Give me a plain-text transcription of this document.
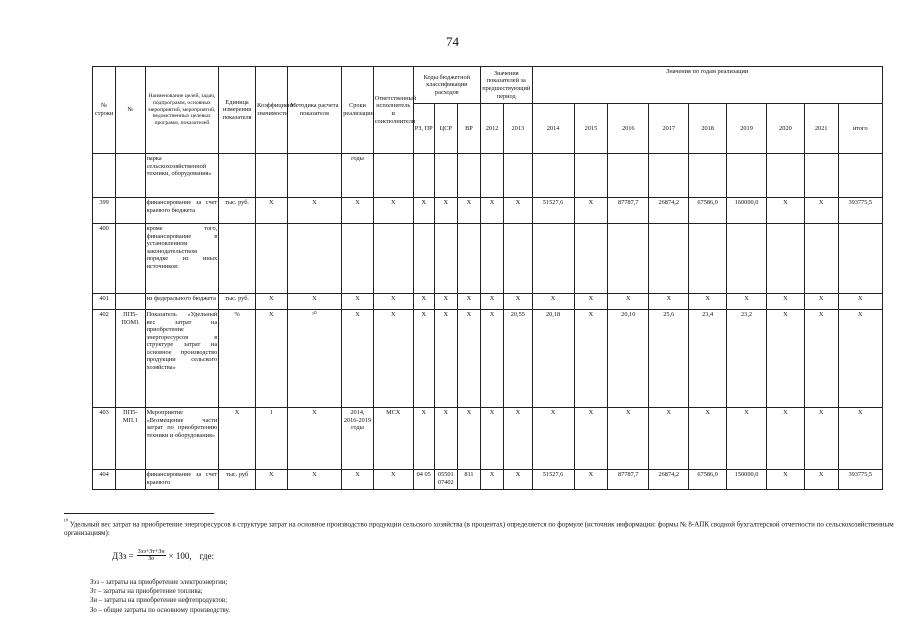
74
№ строки	№	Наименование целей, задач, подпрограмм, основных мероприятий, мероприятий, ведомственных целевых программ, показателей	Единица измерения показателя	Коэффициент значимости	Методика расчета показателя	Сроки реализации	Ответственный исполнитель и соисполнители	Коды бюджетной классификации расходов			Значения показателей за предшествующий период		Значения по годам реализации								
								РЗ, ПР	ЦСР	ВР	2012	2013	2014	2015	2016	2017	2018	2019	2020	2021	итого
		парка сельскохозяйственной техники, оборудования»				годы															
399		финансирование за счет краевого бюджета	тыс. руб.	Х	Х	Х	Х	Х	Х	Х	Х	Х	51527,6	Х	87787,7	26874,2	67586,0	160000,0	Х	Х	393775,5
400		кроме того, финансирование в установленном законодательством порядке из иных источников:																			
401		из федерального бюджета	тыс. руб.	Х	Х	Х	Х	Х	Х	Х	Х	Х	Х	Х	Х	Х	Х	Х	Х	Х	Х
402	ПП5-ПОМ1	Показатель «Удельный вес затрат на приобретение энергоресурсов в структуре затрат на основное производство продукции сельского хозяйства»	%	Х	¹⁰	Х	Х	Х	Х	Х	Х	20,55	20,18	Х	20,10	25,6	23,4	23,2	Х	Х	Х
403	ПП5-МП.1	Мероприятие «Возмещение части затрат по приобретению техники и оборудования»	Х	1	Х	2014, 2016-2019 годы	МСХ	Х	Х	Х	Х	Х	Х	Х	Х	Х	Х	Х	Х	Х	Х
404		финансирование за счет краевого	тыс. руб	Х	Х	Х	Х	04 05	05501 07402	811	Х	Х	51527,6	Х	87787,7	26874,2	67586,0	150000,0	Х	Х	393775,5
$^{^{10}}$ Удельный вес затрат на приобретение энергоресурсов в структуре затрат на основное производство продукции сельского хозяйства (в процентах) определяется по формуле (источник информации: формы № 8-АПК сводной бухгалтерской отчетности по сельскохозяйственным организациям):
ДЗз = $\frac{\text{Зээ+Зт+Зн}}{Зо} \times 100$, где:
Зэз – затраты на приобретение электроэнергии;
Зт – затраты на приобретение топлива;
Зн – затраты на приобретение нефтепродуктов;
Зо – общие затраты по основному производству.
